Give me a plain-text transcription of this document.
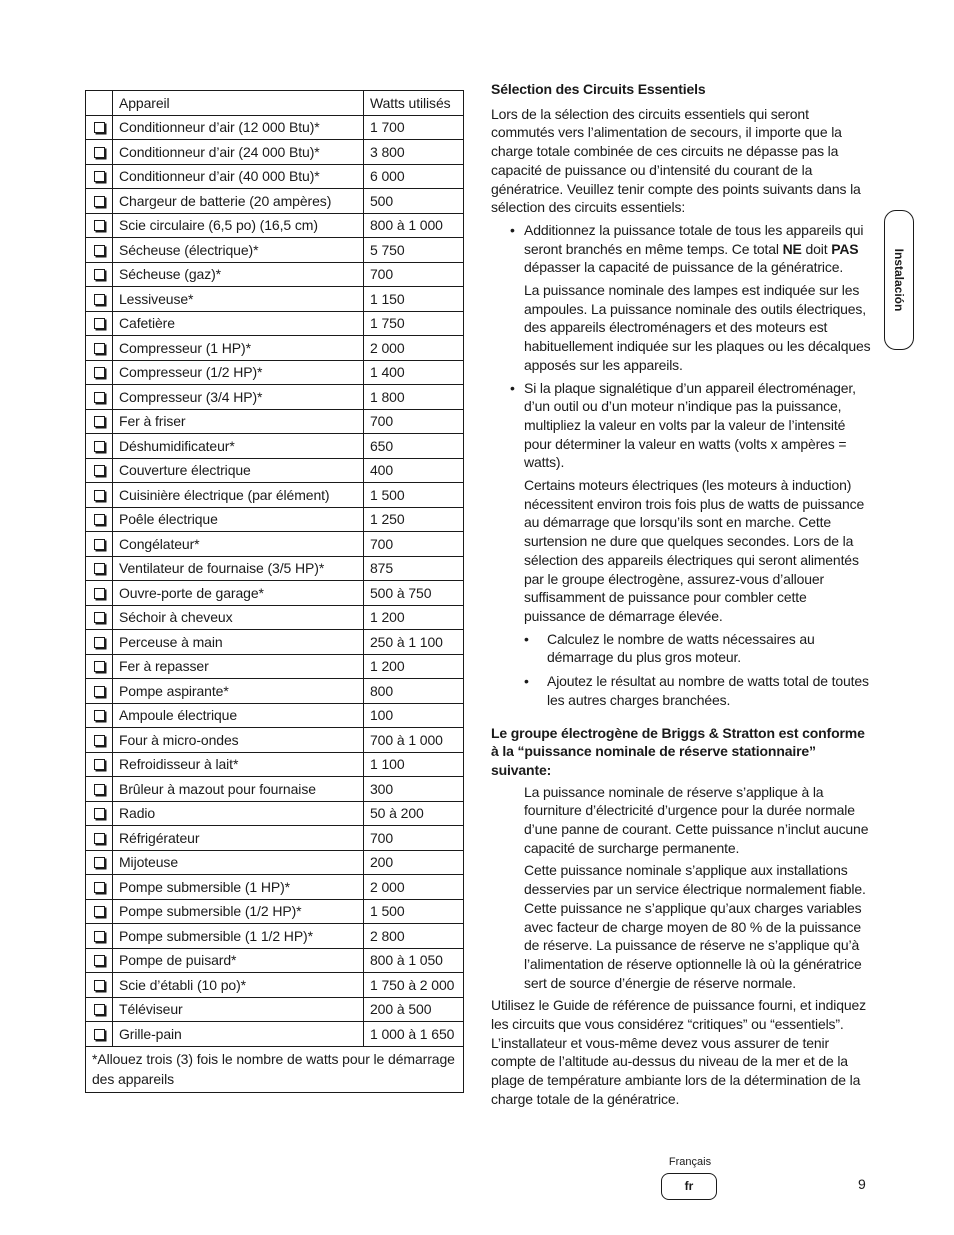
	Appareil	Watts utilisés
	Conditionneur d’air (12 000 Btu)*	1 700
	Conditionneur d’air (24 000 Btu)*	3 800
	Conditionneur d’air (40 000 Btu)*	6 000
	Chargeur de batterie (20 ampères)	500
	Scie circulaire (6,5 po) (16,5 cm)	800 à 1 000
	Sécheuse (électrique)*	5 750
	Sécheuse (gaz)*	700
	Lessiveuse*	1 150
	Cafetière	1 750
	Compresseur (1 HP)*	2 000
	Compresseur (1/2 HP)*	1 400
	Compresseur (3/4 HP)*	1 800
	Fer à friser	700
	Déshumidificateur*	650
	Couverture électrique	400
	Cuisinière électrique (par élément)	1 500
	Poêle électrique	1 250
	Congélateur*	700
	Ventilateur de fournaise (3/5 HP)*	875
	Ouvre-porte de garage*	500 à 750
	Séchoir à cheveux	1 200
	Perceuse à main	250 à 1 100
	Fer à repasser	1 200
	Pompe aspirante*	800
	Ampoule électrique	100
	Four à micro-ondes	700 à 1 000
	Refroidisseur à lait*	1 100
	Brûleur à mazout pour fournaise	300
	Radio	50 à 200
	Réfrigérateur	700
	Mijoteuse	200
	Pompe submersible (1 HP)*	2 000
	Pompe submersible (1/2 HP)*	1 500
	Pompe submersible (1 1/2 HP)*	2 800
	Pompe de puisard*	800 à 1 050
	Scie d’établi (10 po)*	1 750 à 2 000
	Téléviseur	200 à 500
	Grille-pain	1 000 à 1 650
*Allouez trois (3) fois le nombre de watts pour le démarrage des appareils		

Sélection des Circuits Essentiels

Lors de la sélection des circuits essentiels qui seront commutés vers l’alimentation de secours, il importe que la charge totale combinée de ces circuits ne dépasse pas la capacité de puissance ou d’intensité du courant de la génératrice. Veuillez tenir compte des points suivants dans la sélection des circuits essentiels:

• Additionnez la puissance totale de tous les appareils qui seront branchés en même temps. Ce total NE doit PAS dépasser la capacité de puissance de la génératrice.

La puissance nominale des lampes est indiquée sur les ampoules. La puissance nominale des outils électriques, des appareils électroménagers et des moteurs est habituellement indiquée sur les plaques ou les décalques apposés sur les appareils.

• Si la plaque signalétique d’un appareil électroménager, d’un outil ou d’un moteur n’indique pas la puissance, multipliez la valeur en volts par la valeur de l’intensité pour déterminer la valeur en watts (volts x ampères = watts).

Certains moteurs électriques (les moteurs à induction) nécessitent environ trois fois plus de watts de puissance au démarrage que lorsqu’ils sont en marche. Cette surtension ne dure que quelques secondes. Lors de la sélection des appareils électriques qui seront alimentés par le groupe électrogène, assurez-vous d’allouer suffisamment de puissance pour combler cette puissance de démarrage élevée.

• Calculez le nombre de watts nécessaires au démarrage du plus gros moteur.

• Ajoutez le résultat au nombre de watts total de toutes les autres charges branchées.

Le groupe électrogène de Briggs & Stratton est conforme à la “puissance nominale de réserve stationnaire” suivante:

La puissance nominale de réserve s’applique à la fourniture d’électricité d’urgence pour la durée normale d’une panne de courant. Cette puissance n’inclut aucune capacité de surcharge permanente.

Cette puissance nominale s’applique aux installations desservies par un service électrique normalement fiable. Cette puissance ne s’applique qu’aux charges variables avec facteur de charge moyen de 80 % de la puissance de réserve. La puissance de réserve ne s’applique qu’à l’alimentation de réserve optionnelle là où la génératrice sert de source d’énergie de réserve normale.

Utilisez le Guide de référence de puissance fourni, et indiquez les circuits que vous considérez “critiques” ou “essentiels”. L’installateur et vous-même devez vous assurer de tenir compte de l’altitude au-dessus du niveau de la mer et de la plage de température ambiante lors de la détermination de la charge totale de la génératrice.

Instalación
Français
fr	9
